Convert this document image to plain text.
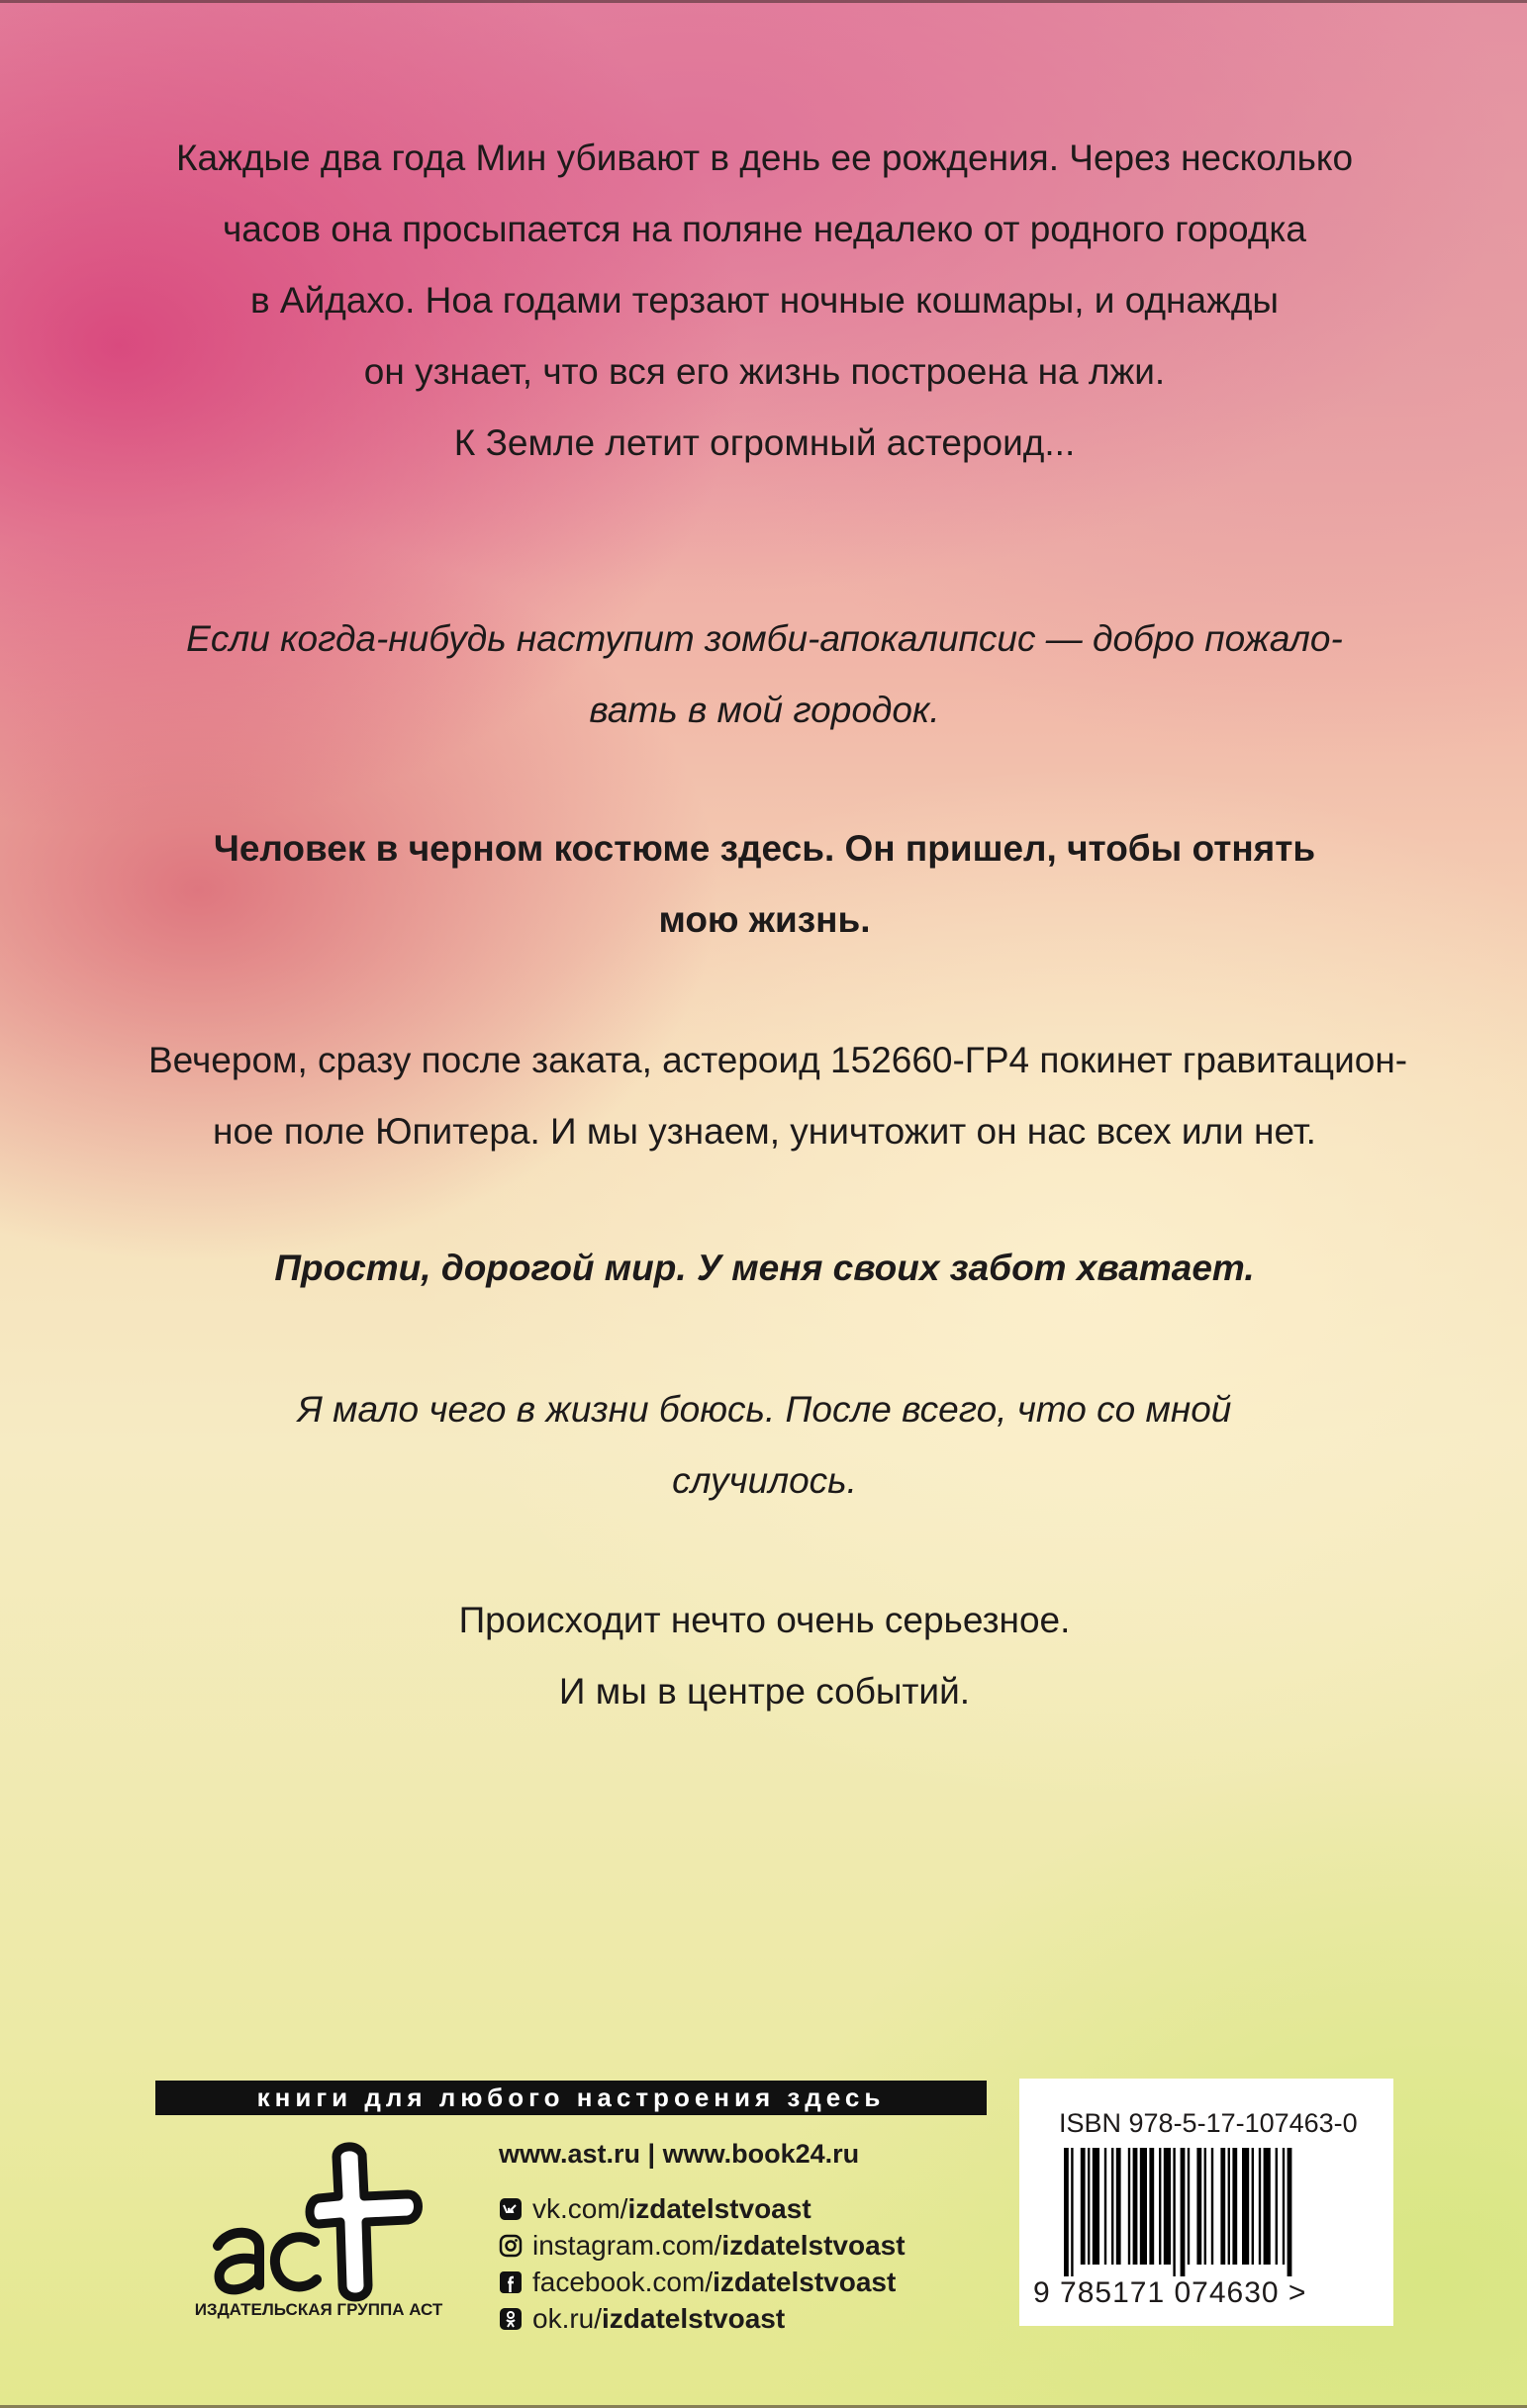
Каждые два года Мин убивают в день ее рождения. Через несколько
часов она просыпается на поляне недалеко от родного городка
в Айдахо. Ноа годами терзают ночные кошмары, и однажды
он узнает, что вся его жизнь построена на лжи.
К Земле летит огромный астероид...

Если когда-нибудь наступит зомби-апокалипсис — добро пожало-
вать в мой городок.

Человек в черном костюме здесь. Он пришел, чтобы отнять
мою жизнь.

Вечером, сразу после заката, астероид 152660-ГР4 покинет гравитацион-
ное поле Юпитера. И мы узнаем, уничтожит он нас всех или нет.

Прости, дорогой мир. У меня своих забот хватает.

Я мало чего в жизни боюсь. После всего, что со мной
случилось.

Происходит нечто очень серьезное.
И мы в центре событий.

книги для любого настроения здесь
ИЗДАТЕЛЬСКАЯ ГРУППА АСТ
www.ast.ru | www.book24.ru
vk.com/ izdatelstvoast
instagram.com/ izdatelstvoast
facebook.com/ izdatelstvoast
ok.ru/ izdatelstvoast
ISBN 978-5-17-107463-0
9 785171 074630 >
